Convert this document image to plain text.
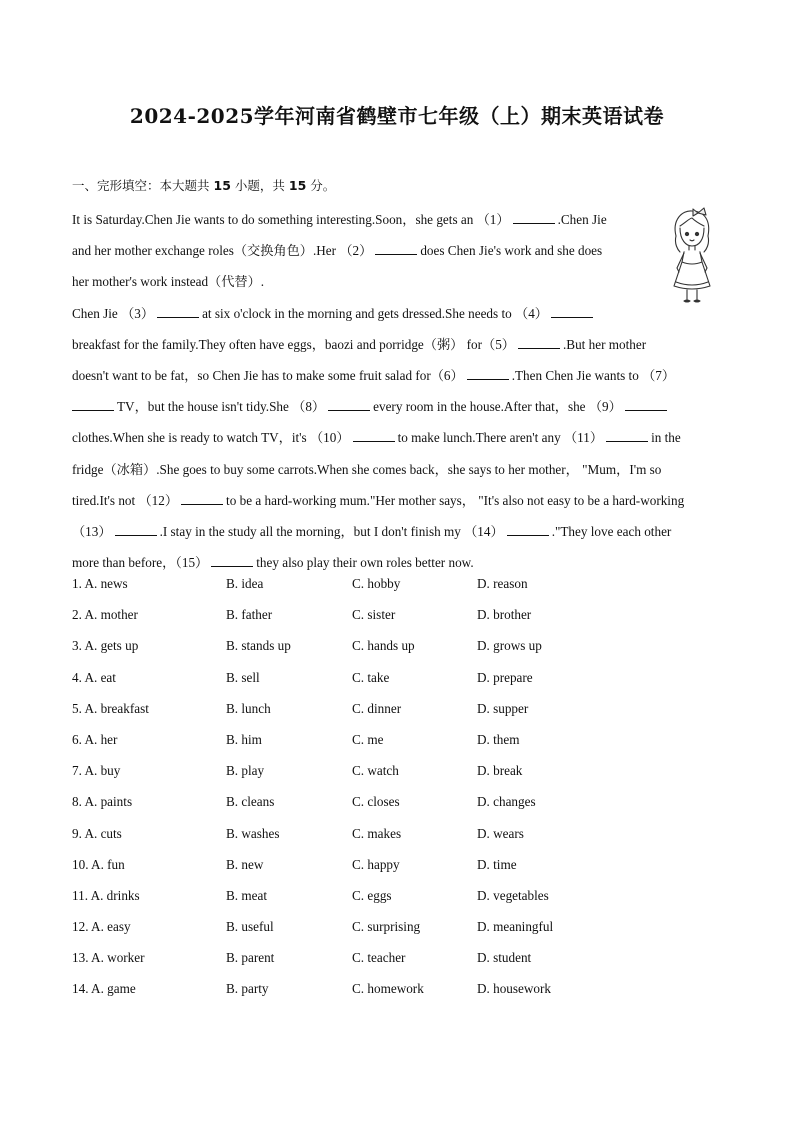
2024-2025学年河南省鹤壁市七年级（上）期末英语试卷
一、完形填空：本大题共 15 小题，共 15 分。
It is Saturday.Chen Jie wants to do something interesting.Soon，she gets an （1）	.Chen Jie
and her mother exchange roles（交换角色）.Her （2）	does Chen Jie's work and she does
her mother's work instead（代替）.
Chen Jie （3）	at six o'clock in the morning and gets dressed.She needs to （4）
breakfast for the family.They often have eggs，baozi and porridge（粥） for（5）	.But her mother
doesn't want to be fat，so Chen Jie has to make some fruit salad for（6）	.Then Chen Jie wants to （7）
TV，but the house isn't tidy.She （8）	every room in the house.After that，she （9）
clothes.When she is ready to watch TV，it's （10）	to make lunch.There aren't any （11）	in the
fridge（冰箱）.She goes to buy some carrots.When she comes back，she says to her mother， "Mum，I'm so
tired.It's not （12）	to be a hard-working mum."Her mother says， "It's also not easy to be a hard-working
（13）	.I stay in the study all the morning，but I don't finish my （14）	."They love each other
more than before，（15）	they also play their own roles better now.
1. A. news	B. idea	C. hobby	D. reason
2. A. mother	B. father	C. sister	D. brother
3. A. gets up	B. stands up	C. hands up	D. grows up
4. A. eat	B. sell	C. take	D. prepare
5. A. breakfast	B. lunch	C. dinner	D. supper
6. A. her	B. him	C. me	D. them
7. A. buy	B. play	C. watch	D. break
8. A. paints	B. cleans	C. closes	D. changes
9. A. cuts	B. washes	C. makes	D. wears
10. A. fun	B. new	C. happy	D. time
11. A. drinks	B. meat	C. eggs	D. vegetables
12. A. easy	B. useful	C. surprising	D. meaningful
13. A. worker	B. parent	C. teacher	D. student
14. A. game	B. party	C. homework	D. housework
